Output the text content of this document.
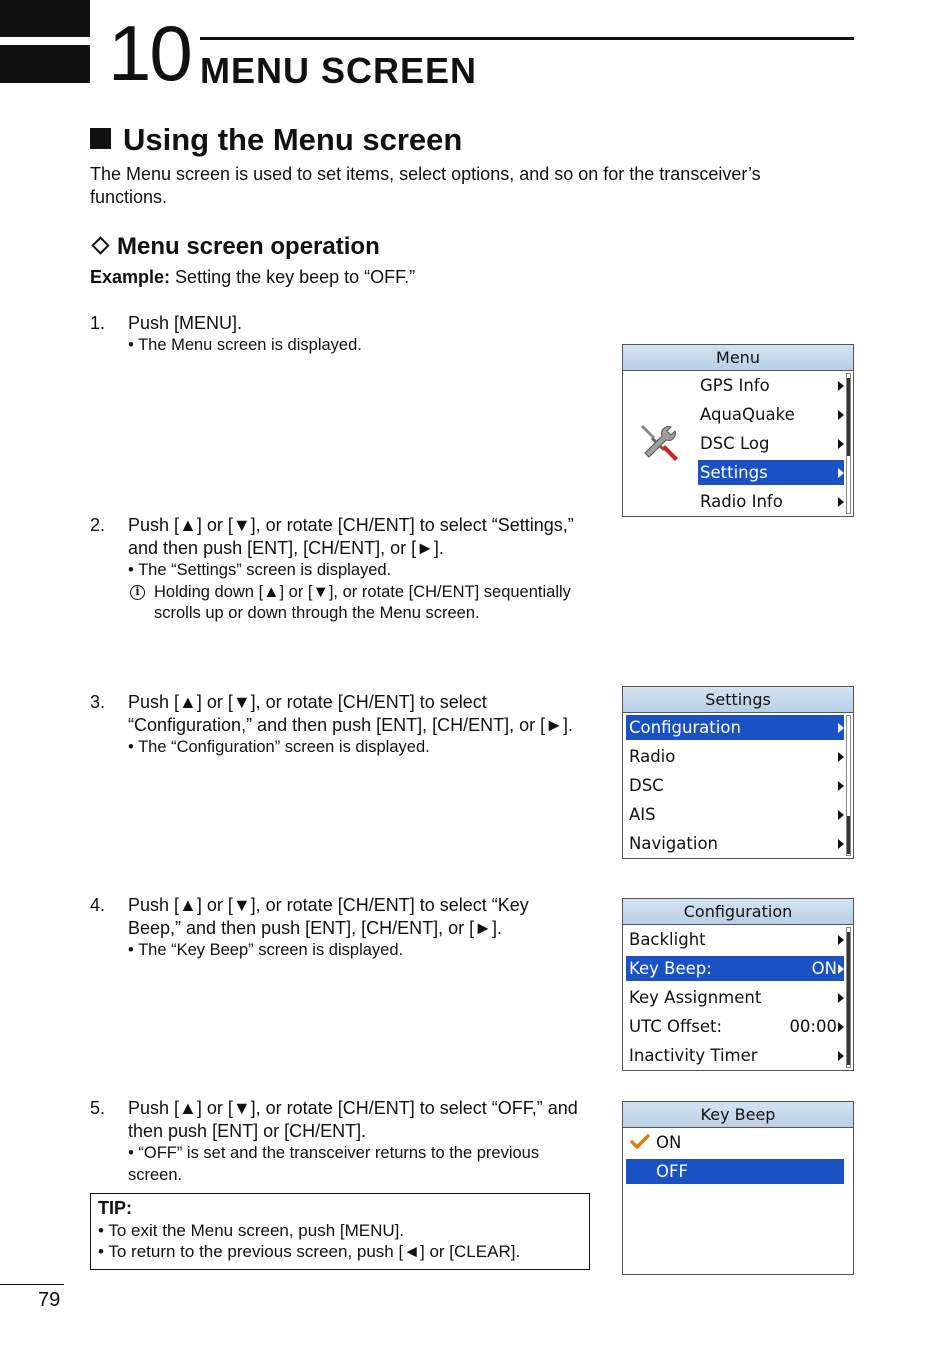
10 MENU SCREEN
Using the Menu screen
The Menu screen is used to set items, select options, and so on for the transceiver’s functions.
Menu screen operation
Example: Setting the key beep to “OFF.”
1. Push [MENU].
• The Menu screen is displayed.
2. Push [▲] or [▼], or rotate [CH/ENT] to select “Settings,” and then push [ENT], [CH/ENT], or [►].
• The “Settings” screen is displayed.
i Holding down [▲] or [▼], or rotate [CH/ENT] sequentially scrolls up or down through the Menu screen.
3. Push [▲] or [▼], or rotate [CH/ENT] to select “Configuration,” and then push [ENT], [CH/ENT], or [►].
• The “Configuration” screen is displayed.
4. Push [▲] or [▼], or rotate [CH/ENT] to select “Key Beep,” and then push [ENT], [CH/ENT], or [►].
• The “Key Beep” screen is displayed.
5. Push [▲] or [▼], or rotate [CH/ENT] to select “OFF,” and then push [ENT] or [CH/ENT].
• “OFF” is set and the transceiver returns to the previous screen.
TIP:
• To exit the Menu screen, push [MENU].
• To return to the previous screen, push [◄] or [CLEAR].
79
Menu
GPS Info
AquaQuake
DSC Log
Settings
Radio Info
Settings
Configuration
Radio
DSC
AIS
Navigation
Configuration
Backlight
Key Beep:	ON
Key Assignment
UTC Offset:	00:00
Inactivity Timer
Key Beep
ON
OFF
